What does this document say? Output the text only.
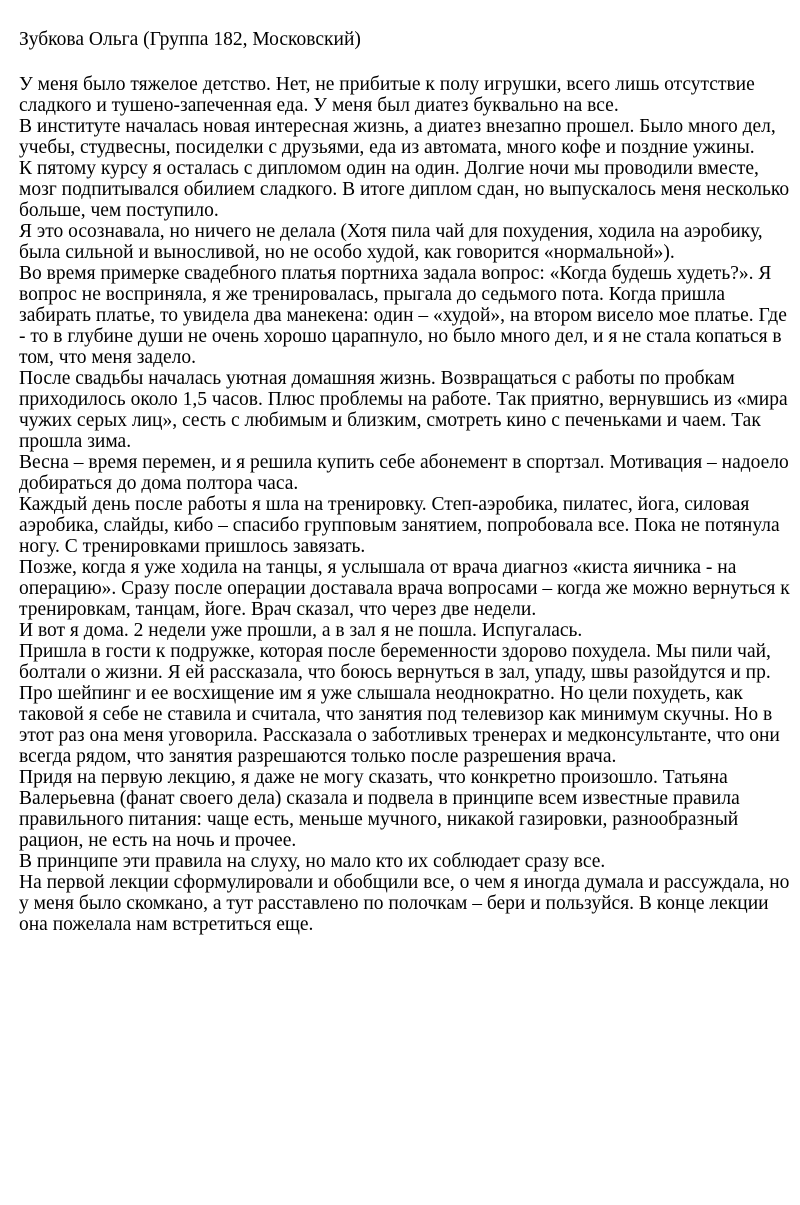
Зубкова Ольга (Группа 182, Московский)

У меня было тяжелое детство. Нет, не прибитые к полу игрушки, всего лишь отсутствие сладкого и тушено-запеченная еда. У меня был диатез буквально на все.

В институте началась новая интересная жизнь, а диатез внезапно прошел. Было много дел, учебы, студвесны, посиделки с друзьями, еда из автомата, много кофе и поздние ужины.

К пятому курсу я осталась с дипломом один на один. Долгие ночи мы проводили вместе, мозг подпитывался обилием сладкого. В итоге диплом сдан, но выпускалось меня несколько больше, чем поступило.

Я это осознавала, но ничего не делала (Хотя пила чай для похудения, ходила на аэробику, была сильной и выносливой, но не особо худой, как говорится «нормальной»).

Во время примерке свадебного платья портниха задала вопрос: «Когда будешь худеть?». Я вопрос не восприняла, я же тренировалась, прыгала до седьмого пота. Когда пришла забирать платье, то увидела два манекена: один – «худой», на втором висело мое платье. Где - то в глубине души не очень хорошо царапнуло, но было много дел, и я не стала копаться в том, что меня задело.

После свадьбы началась уютная домашняя жизнь. Возвращаться с работы по пробкам приходилось около 1,5 часов. Плюс проблемы на работе. Так приятно, вернувшись из «мира чужих серых лиц», сесть с любимым и близким, смотреть кино с печеньками и чаем. Так прошла зима.

Весна – время перемен, и я решила купить себе абонемент в спортзал. Мотивация – надоело добираться до дома полтора часа.

Каждый день после работы я шла на тренировку. Степ-аэробика, пилатес, йога, силовая аэробика, слайды, кибо – спасибо групповым занятием, попробовала все. Пока не потянула ногу. С тренировками пришлось завязать.

Позже, когда я уже ходила на танцы, я услышала от врача диагноз «киста яичника - на операцию». Сразу после операции доставала врача вопросами – когда же можно вернуться к тренировкам, танцам, йоге. Врач сказал, что через две недели.

И вот я дома. 2 недели уже прошли, а в зал я не пошла. Испугалась.

Пришла в гости к подружке, которая после беременности здорово похудела. Мы пили чай, болтали о жизни. Я ей рассказала, что боюсь вернуться в зал, упаду, швы разойдутся и пр.

Про шейпинг и ее восхищение им я уже слышала неоднократно. Но цели похудеть, как таковой я себе не ставила и считала, что занятия под телевизор как минимум скучны. Но в этот раз она меня уговорила. Рассказала о заботливых тренерах и медконсультанте, что они всегда рядом, что занятия разрешаются только после разрешения врача.

Придя на первую лекцию, я даже не могу сказать, что конкретно произошло. Татьяна Валерьевна (фанат своего дела) сказала и подвела в принципе всем известные правила правильного питания: чаще есть, меньше мучного, никакой газировки, разнообразный рацион, не есть на ночь и прочее.

В принципе эти правила на слуху, но мало кто их соблюдает сразу все.

На первой лекции сформулировали и обобщили все, о чем я иногда думала и рассуждала, но у меня было скомкано, а тут расставлено по полочкам – бери и пользуйся. В конце лекции она пожелала нам встретиться еще.
